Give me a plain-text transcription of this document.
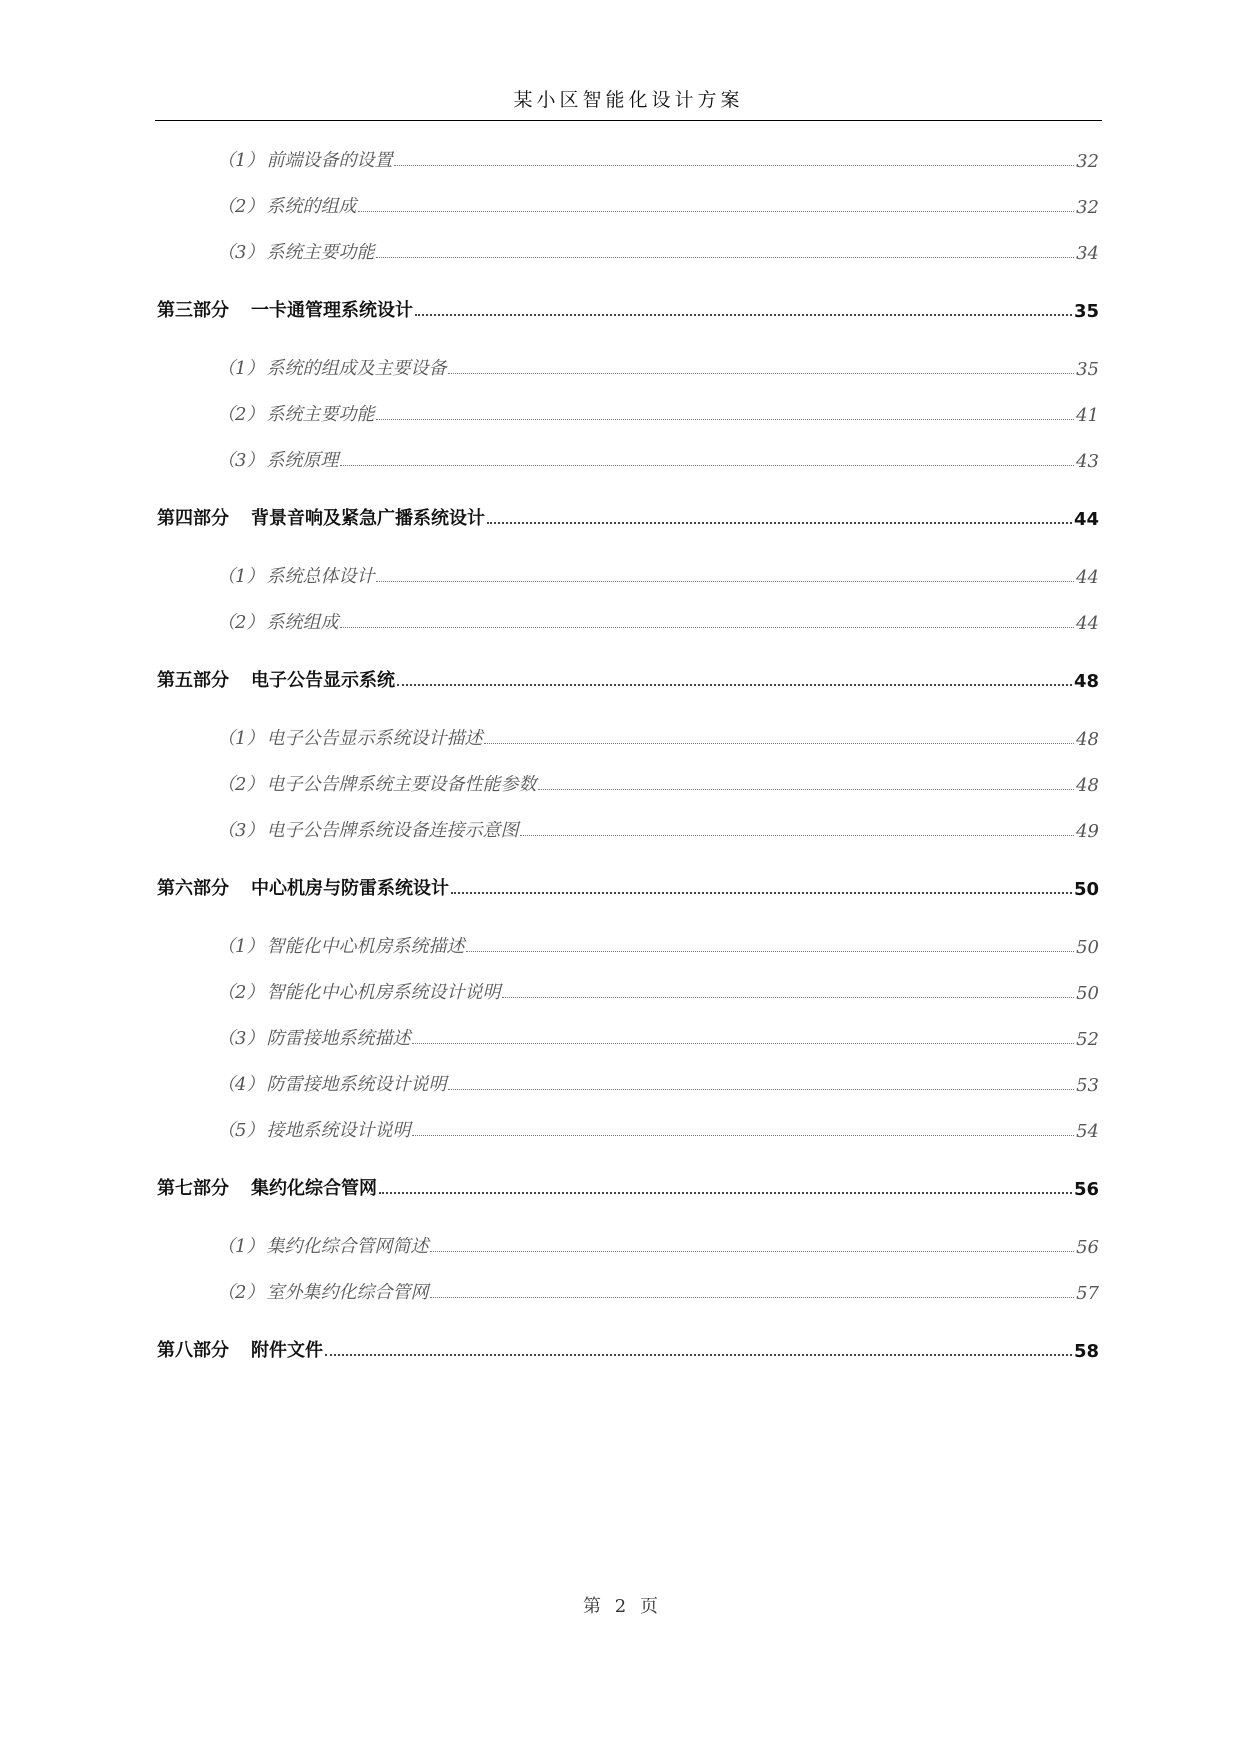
某小区智能化设计方案
（1） 前端设备的设置	32
（2） 系统的组成	32
（3） 系统主要功能	34
第三部分 一卡通管理系统设计	35
（1） 系统的组成及主要设备	35
（2） 系统主要功能	41
（3） 系统原理	43
第四部分 背景音响及紧急广播系统设计	44
（1） 系统总体设计	44
（2） 系统组成	44
第五部分 电子公告显示系统	48
（1） 电子公告显示系统设计描述	48
（2） 电子公告牌系统主要设备性能参数	48
（3） 电子公告牌系统设备连接示意图	49
第六部分 中心机房与防雷系统设计	50
（1） 智能化中心机房系统描述	50
（2） 智能化中心机房系统设计说明	50
（3） 防雷接地系统描述	52
（4） 防雷接地系统设计说明	53
（5） 接地系统设计说明	54
第七部分 集约化综合管网	56
（1） 集约化综合管网简述	56
（2） 室外集约化综合管网	57
第八部分 附件文件	58
第 2 页
